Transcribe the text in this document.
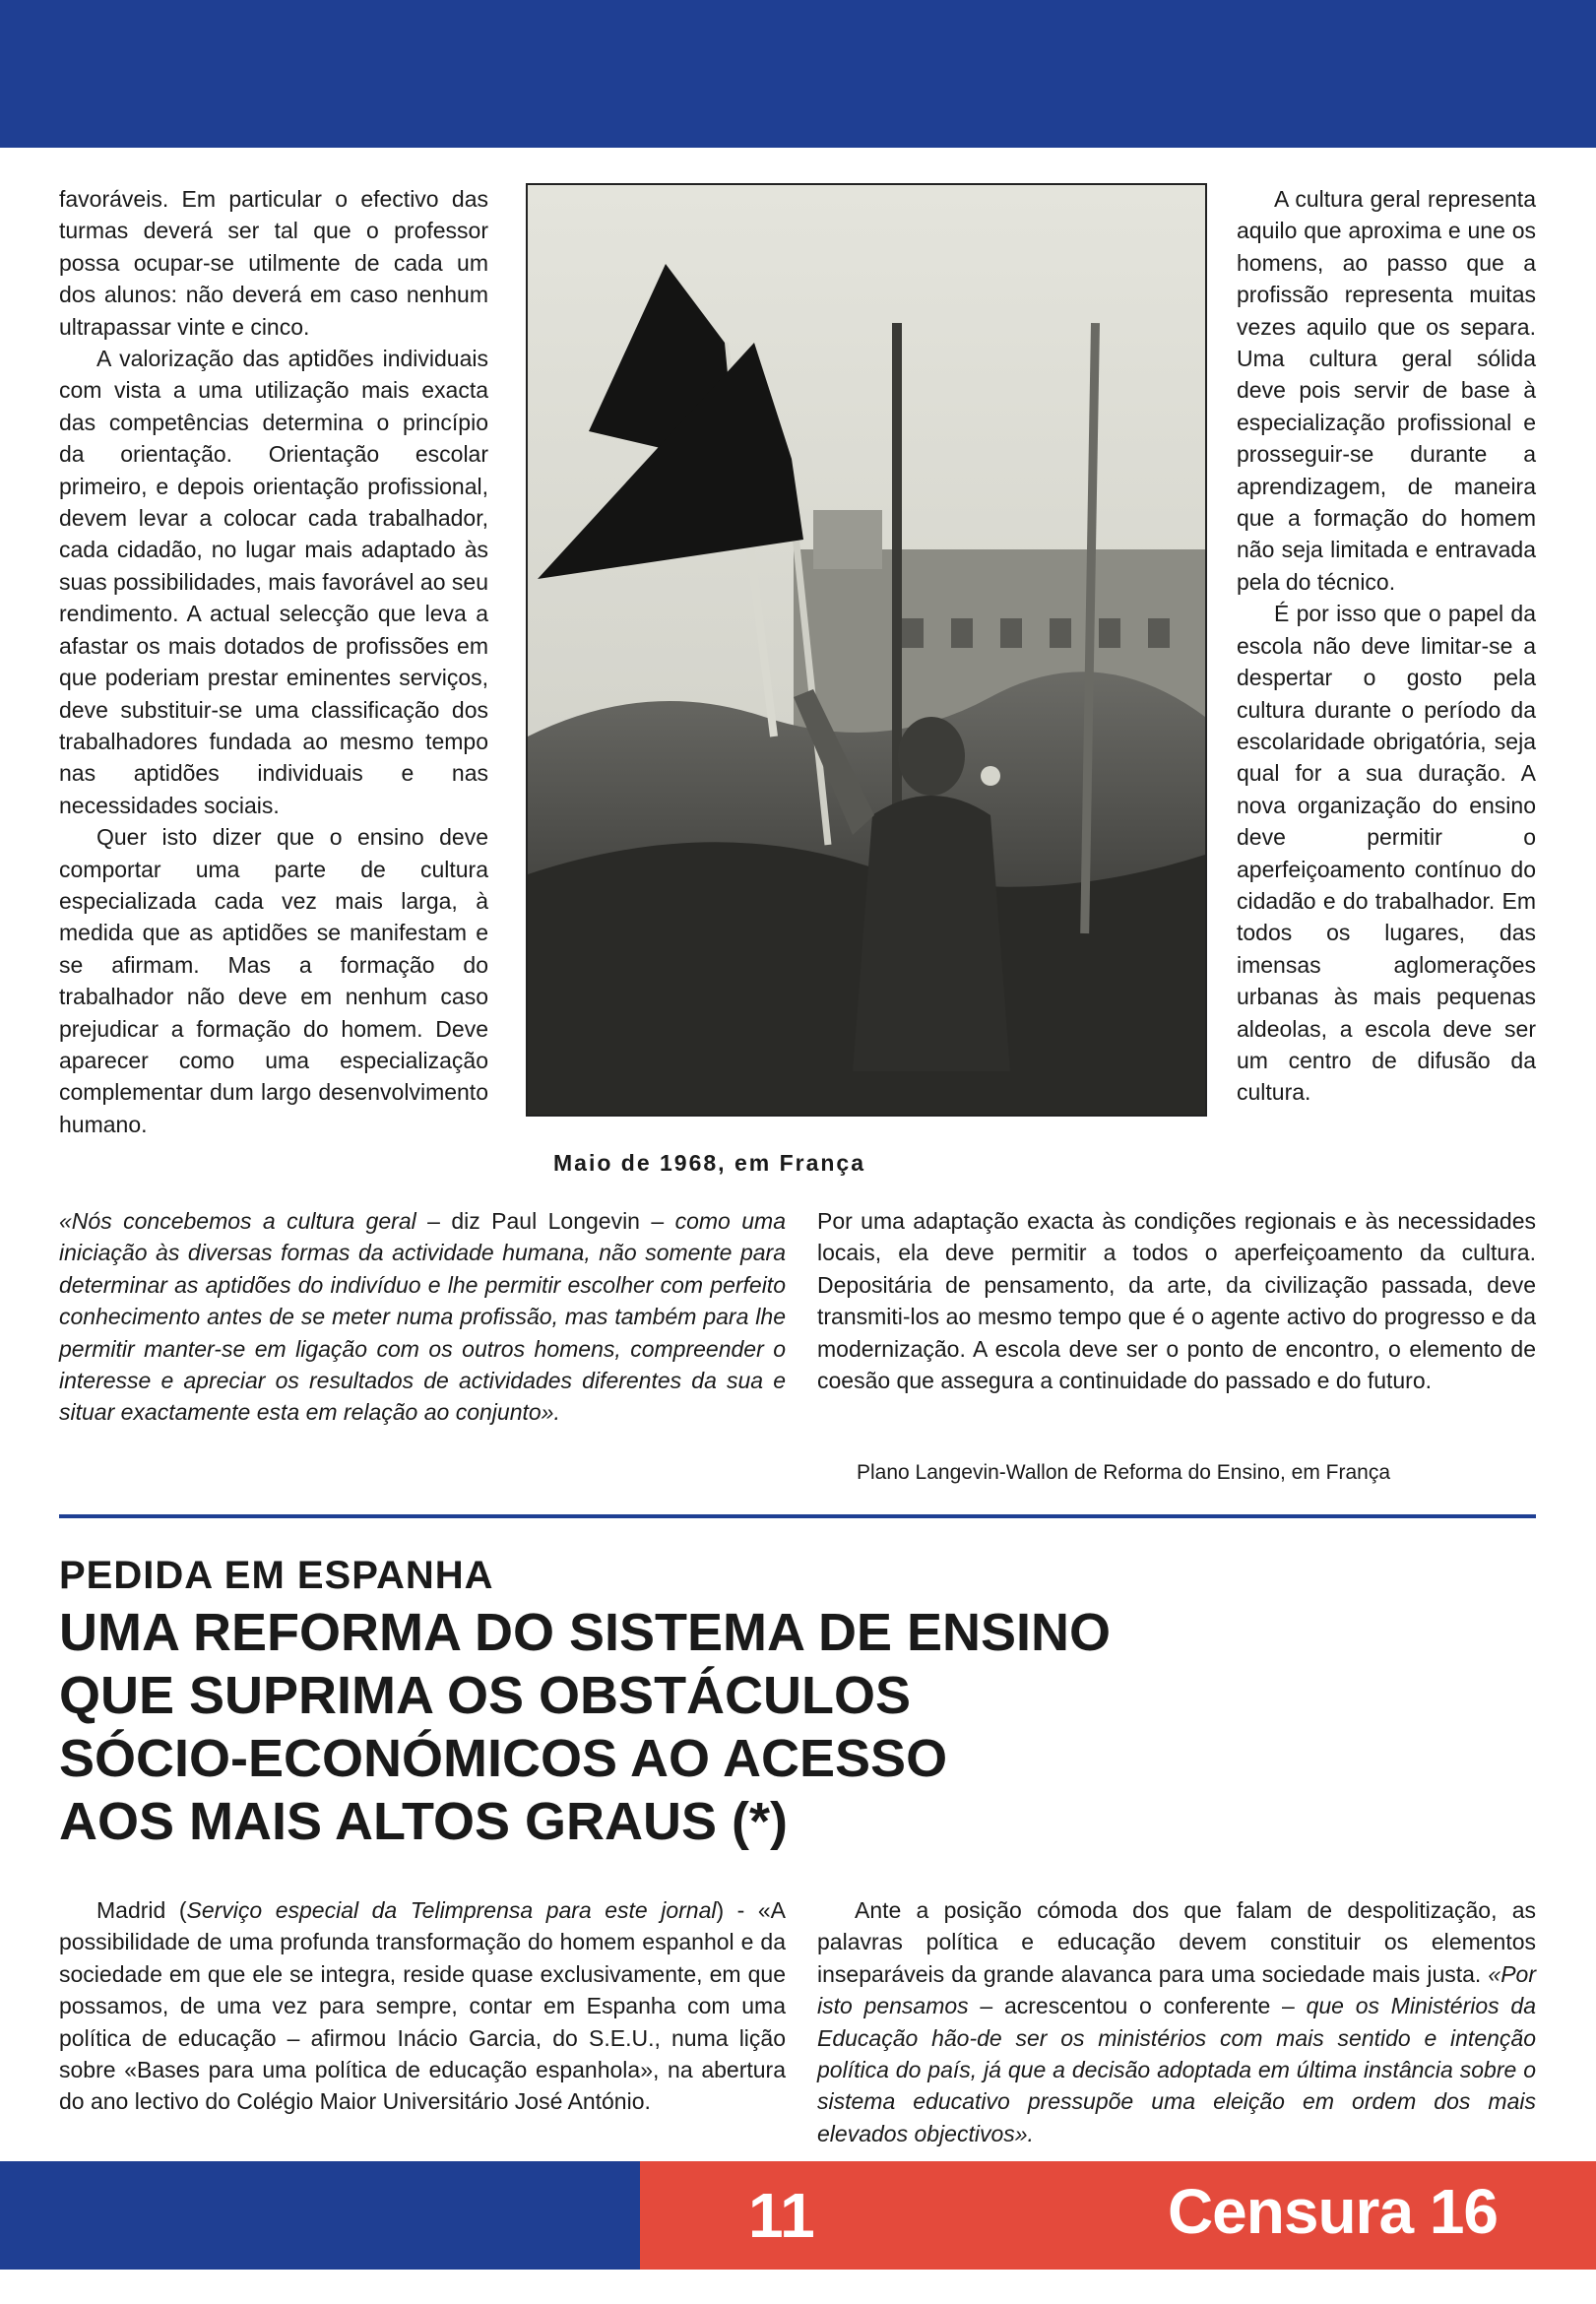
favoráveis. Em particular o efectivo das turmas deverá ser tal que o professor possa ocupar-se utilmente de cada um dos alunos: não deverá em caso nenhum ultrapassar vinte e cinco.

A valorização das aptidões individuais com vista a uma utilização mais exacta das competências determina o princípio da orientação. Orientação escolar primeiro, e depois orientação profissional, devem levar a colocar cada trabalhador, cada cidadão, no lugar mais adaptado às suas possibilidades, mais favorável ao seu rendimento. A actual selecção que leva a afastar os mais dotados de profissões em que poderiam prestar eminentes serviços, deve substituir-se uma classificação dos trabalhadores fundada ao mesmo tempo nas aptidões individuais e nas necessidades sociais.

Quer isto dizer que o ensino deve comportar uma parte de cultura especializada cada vez mais larga, à medida que as aptidões se manifestam e se afirmam. Mas a formação do trabalhador não deve em nenhum caso prejudicar a formação do homem. Deve aparecer como uma especialização complementar dum largo desenvolvimento humano.

A cultura geral representa aquilo que aproxima e une os homens, ao passo que a profissão representa muitas vezes aquilo que os separa. Uma cultura geral sólida deve pois servir de base à especialização profissional e prosseguir-se durante a aprendizagem, de maneira que a formação do homem não seja limitada e entravada pela do técnico.

É por isso que o papel da escola não deve limitar-se a despertar o gosto pela cultura durante o período da escolaridade obrigatória, seja qual for a sua duração. A nova organização do ensino deve permitir o aperfeiçoamento contínuo do cidadão e do trabalhador. Em todos os lugares, das imensas aglomerações urbanas às mais pequenas aldeolas, a escola deve ser um centro de difusão da cultura.

Maio de 1968, em França

«Nós concebemos a cultura geral – diz Paul Longevin – como uma iniciação às diversas formas da actividade humana, não somente para determinar as aptidões do indivíduo e lhe permitir escolher com perfeito conhecimento antes de se meter numa profissão, mas também para lhe permitir manter-se em ligação com os outros homens, compreender o interesse e apreciar os resultados de actividades diferentes da sua e situar exactamente esta em relação ao conjunto».

Por uma adaptação exacta às condições regionais e às necessidades locais, ela deve permitir a todos o aperfeiçoamento da cultura. Depositária de pensamento, da arte, da civilização passada, deve transmiti-los ao mesmo tempo que é o agente activo do progresso e da modernização. A escola deve ser o ponto de encontro, o elemento de coesão que assegura a continuidade do passado e do futuro.

Plano Langevin-Wallon de Reforma do Ensino, em França
PEDIDA EM ESPANHA
UMA REFORMA DO SISTEMA DE ENSINO
QUE SUPRIMA OS OBSTÁCULOS
SÓCIO-ECONÓMICOS AO ACESSO
AOS MAIS ALTOS GRAUS (*)

Madrid (Serviço especial da Telimprensa para este jornal) - «A possibilidade de uma profunda transformação do homem espanhol e da sociedade em que ele se integra, reside quase exclusivamente, em que possamos, de uma vez para sempre, contar em Espanha com uma política de educação – afirmou Inácio Garcia, do S.E.U., numa lição sobre «Bases para uma política de educação espanhola», na abertura do ano lectivo do Colégio Maior Universitário José António.

Ante a posição cómoda dos que falam de despolitização, as palavras política e educação devem constituir os elementos inseparáveis da grande alavanca para uma sociedade mais justa. «Por isto pensamos – acrescentou o conferente – que os Ministérios da Educação hão-de ser os ministérios com mais sentido e intenção política do país, já que a decisão adoptada em última instância sobre o sistema educativo pressupõe uma eleição em ordem dos mais elevados objectivos».

11	Censura 16
